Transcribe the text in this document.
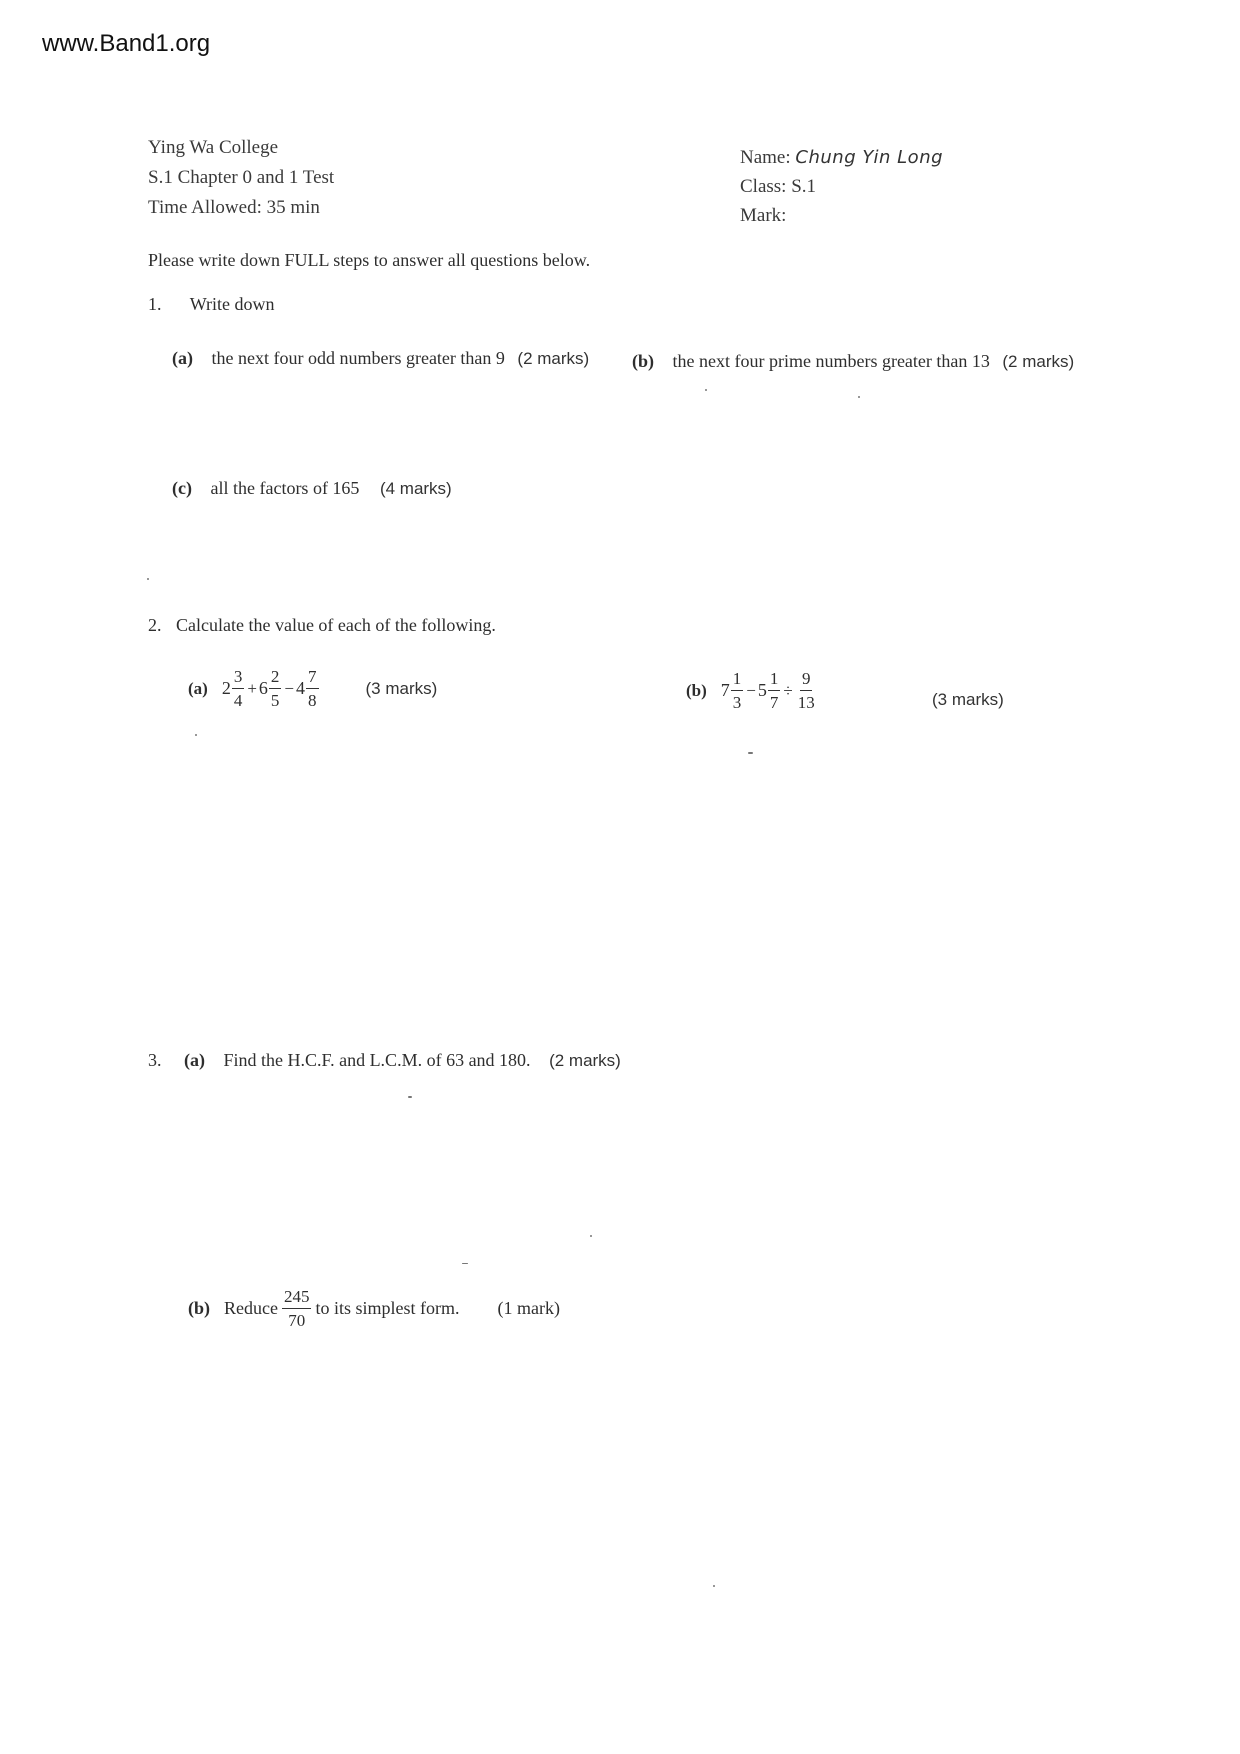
www.Band1.org
Ying Wa College
S.1 Chapter 0 and 1 Test
Time Allowed: 35 min
Name: Chung Yin Long
Class: S.1
Mark:
Please write down FULL steps to answer all questions below.
1. Write down
(a) the next four odd numbers greater than 9 (2 marks) (b) the next four prime numbers greater than 13 (2 marks)
(c) all the factors of 165 (4 marks)
2. Calculate the value of each of the following.
(a) $2 \frac{3}{4} + 6 \frac{2}{5} - 4 \frac{7}{8}$	(3 marks)	(b) $7 \frac{1}{3} - 5 \frac{1}{7} \div \frac{9}{13}$	(3 marks)
3. (a) Find the H.C.F. and L.C.M. of 63 and 180. (2 marks)
(b) Reduce $\frac{245}{70}$ to its simplest form. (1 mark)
